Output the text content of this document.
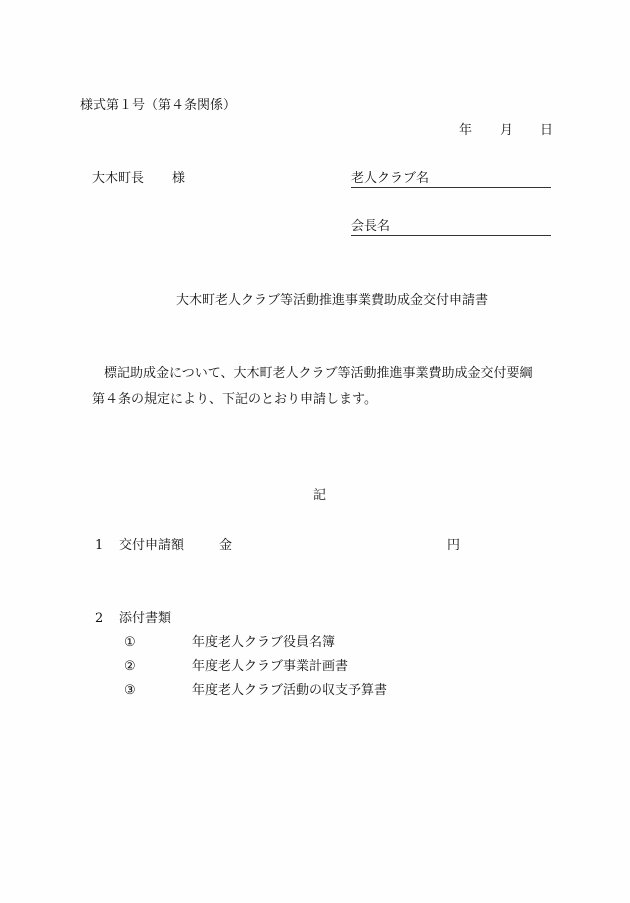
様式第１号（第４条関係）
年 月 日
大木町長 様	老人クラブ名
会長名
大木町老人クラブ等活動推進事業費助成金交付申請書
標記助成金について、大木町老人クラブ等活動推進事業費助成金交付要綱
第４条の規定により、下記のとおり申請します。
記
1 交付申請額	金	円
2 添付書類
①	年度老人クラブ役員名簿
②	年度老人クラブ事業計画書
③	年度老人クラブ活動の収支予算書
